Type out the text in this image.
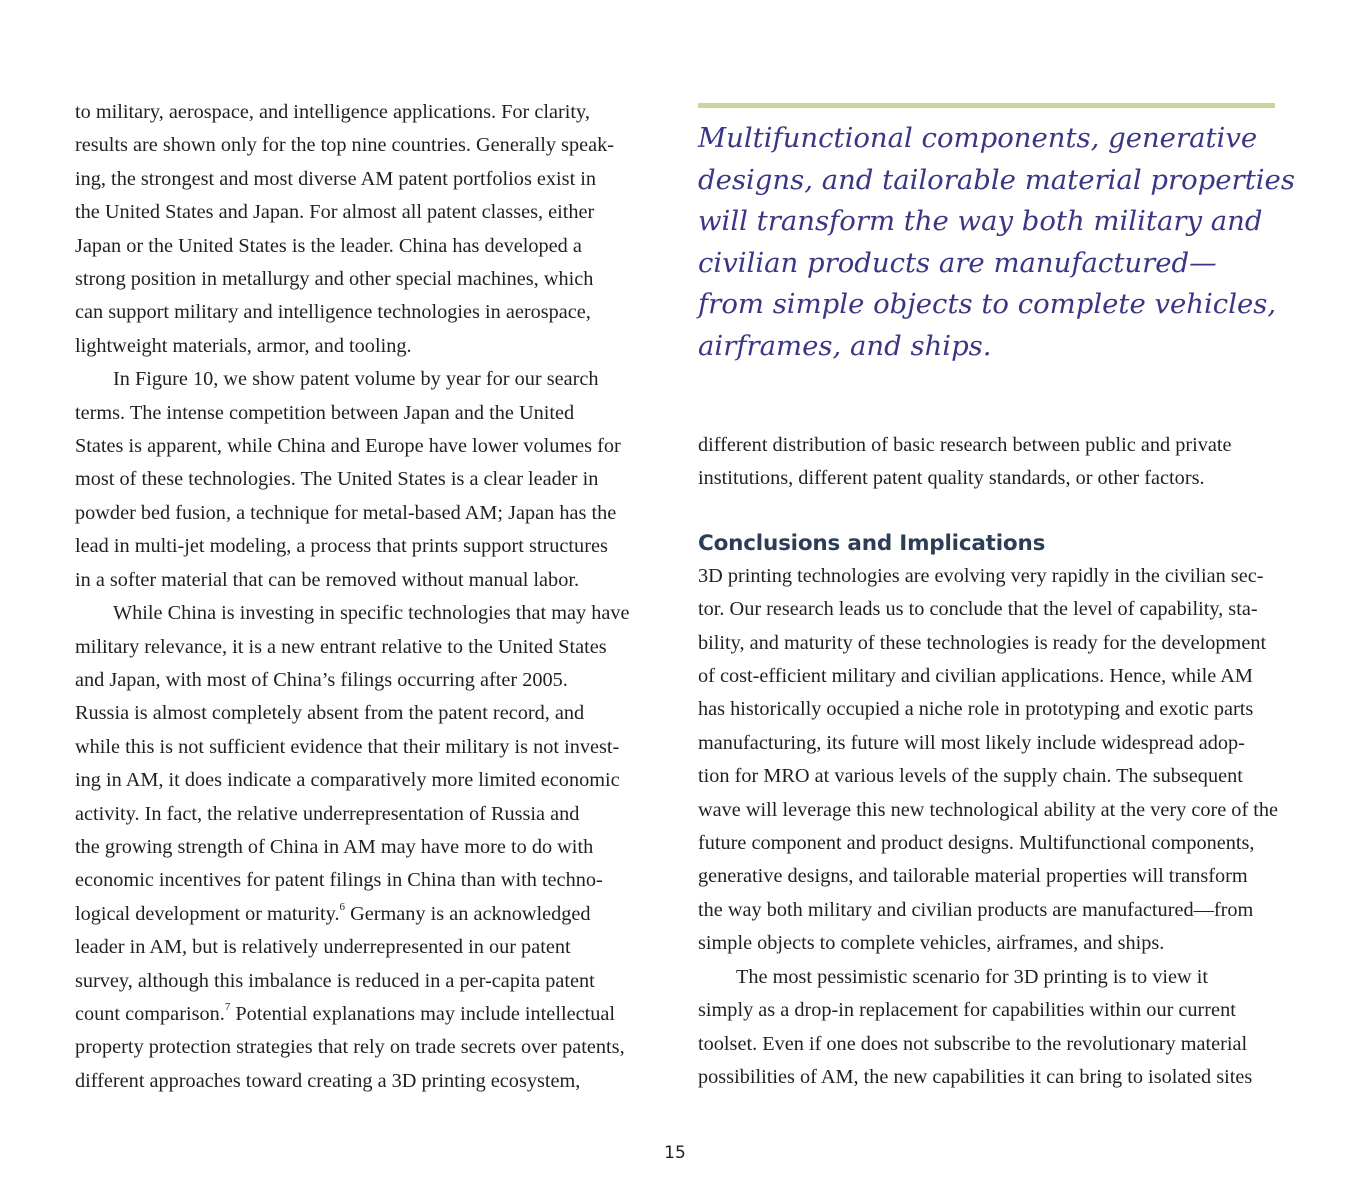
to military, aerospace, and intelligence applications. For clarity,
results are shown only for the top nine countries. Generally speak-
ing, the strongest and most diverse AM patent portfolios exist in
the United States and Japan. For almost all patent classes, either
Japan or the United States is the leader. China has developed a
strong position in metallurgy and other special machines, which
can support military and intelligence technologies in aerospace,
lightweight materials, armor, and tooling.

In Figure 10, we show patent volume by year for our search
terms. The intense competition between Japan and the United
States is apparent, while China and Europe have lower volumes for
most of these technologies. The United States is a clear leader in
powder bed fusion, a technique for metal-based AM; Japan has the
lead in multi-jet modeling, a process that prints support structures
in a softer material that can be removed without manual labor.

While China is investing in specific technologies that may have
military relevance, it is a new entrant relative to the United States
and Japan, with most of China’s filings occurring after 2005.
Russia is almost completely absent from the patent record, and
while this is not sufficient evidence that their military is not invest-
ing in AM, it does indicate a comparatively more limited economic
activity. In fact, the relative underrepresentation of Russia and
the growing strength of China in AM may have more to do with
economic incentives for patent filings in China than with techno-
logical development or maturity.$^6$ Germany is an acknowledged
leader in AM, but is relatively underrepresented in our patent
survey, although this imbalance is reduced in a per-capita patent
count comparison.$^7$ Potential explanations may include intellectual
property protection strategies that rely on trade secrets over patents,
different approaches toward creating a 3D printing ecosystem,

Multifunctional components, generative
designs, and tailorable material properties
will transform the way both military and
civilian products are manufactured—
from simple objects to complete vehicles,
airframes, and ships.

different distribution of basic research between public and private
institutions, different patent quality standards, or other factors.

Conclusions and Implications

3D printing technologies are evolving very rapidly in the civilian sec-
tor. Our research leads us to conclude that the level of capability, sta-
bility, and maturity of these technologies is ready for the development
of cost-efficient military and civilian applications. Hence, while AM
has historically occupied a niche role in prototyping and exotic parts
manufacturing, its future will most likely include widespread adop-
tion for MRO at various levels of the supply chain. The subsequent
wave will leverage this new technological ability at the very core of the
future component and product designs. Multifunctional components,
generative designs, and tailorable material properties will transform
the way both military and civilian products are manufactured—from
simple objects to complete vehicles, airframes, and ships.

The most pessimistic scenario for 3D printing is to view it
simply as a drop-in replacement for capabilities within our current
toolset. Even if one does not subscribe to the revolutionary material
possibilities of AM, the new capabilities it can bring to isolated sites

15
